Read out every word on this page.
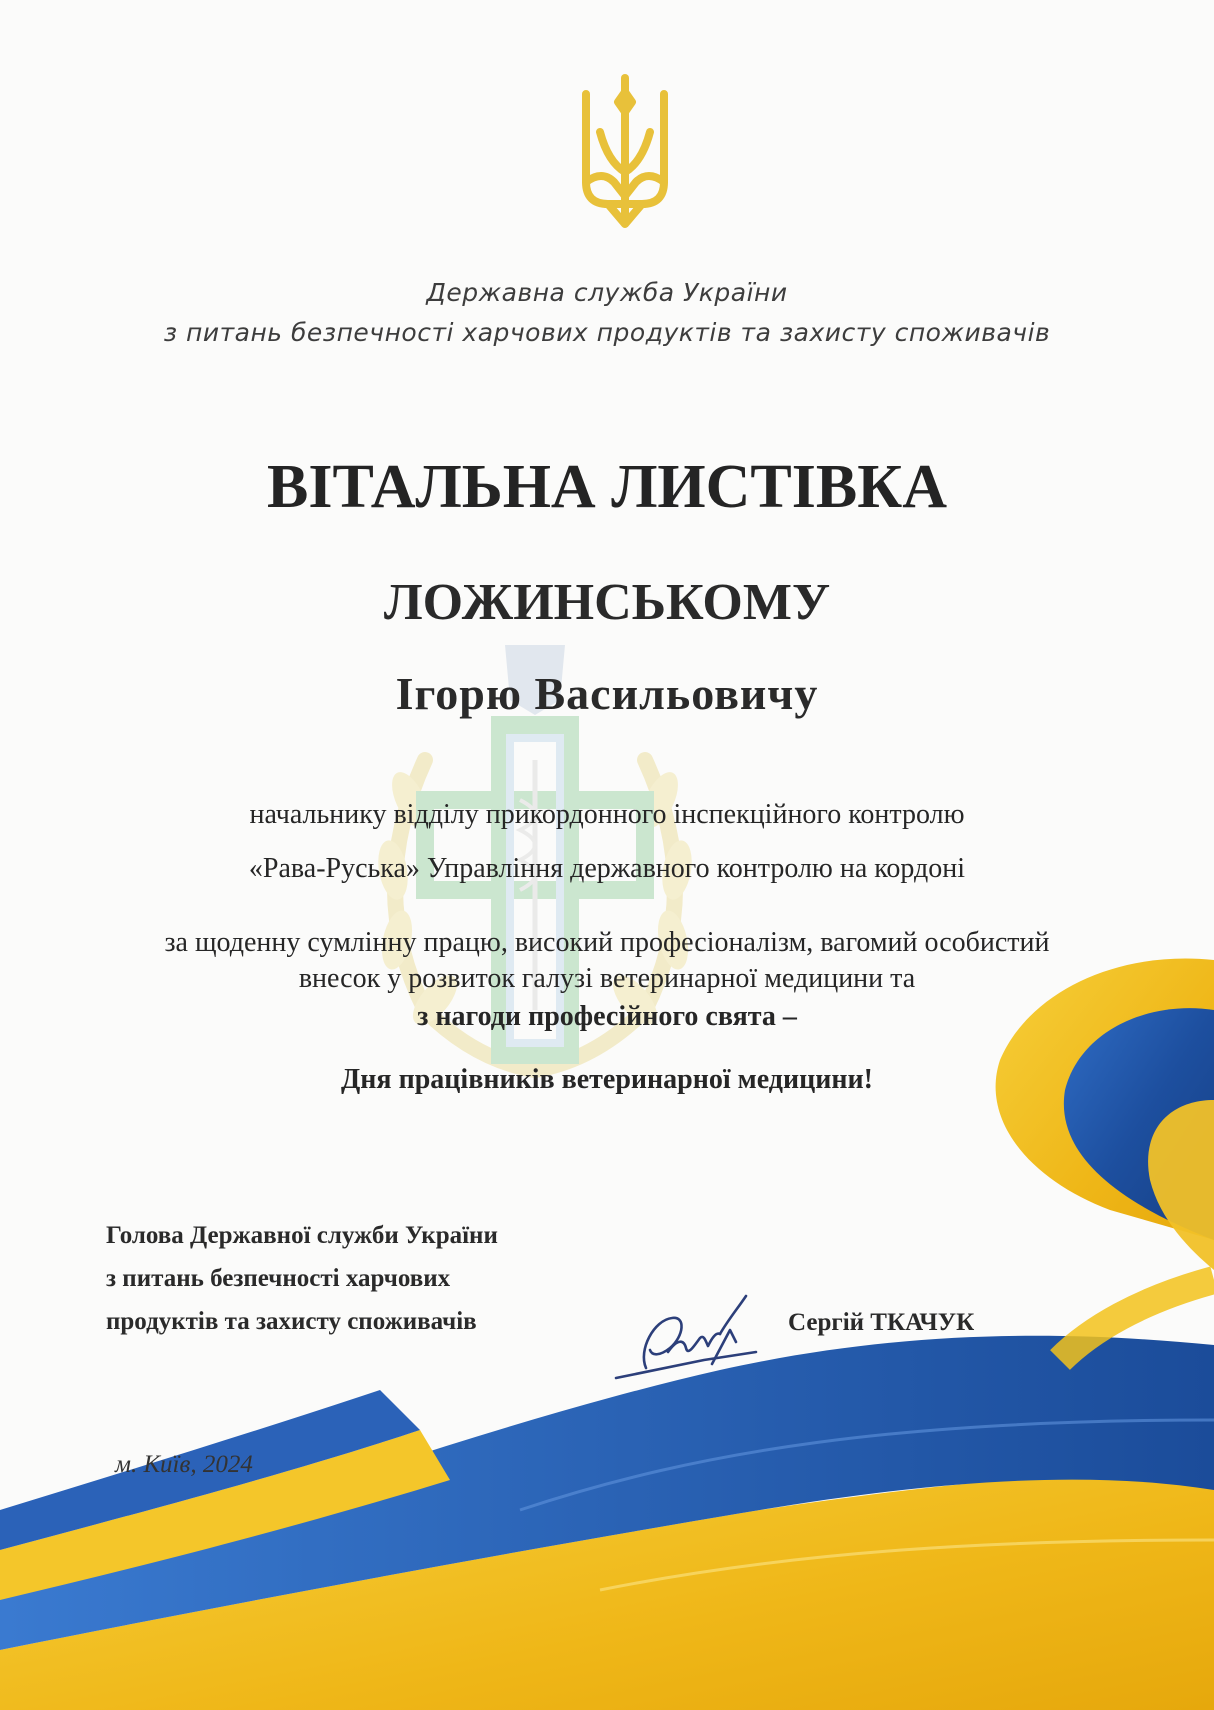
Державна служба України
з питань безпечності харчових продуктів та захисту споживачів
ВІТАЛЬНА ЛИСТІВКА
ЛОЖИНСЬКОМУ
Ігорю Васильовичу
начальнику відділу прикордонного інспекційного контролю
«Рава-Руська» Управління державного контролю на кордоні
за щоденну сумлінну працю, високий професіоналізм, вагомий особистий
внесок у розвиток галузі ветеринарної медицини та
з нагоди професійного свята –
Дня працівників ветеринарної медицини!
Голова Державної служби України
з питань безпечності харчових
продуктів та захисту споживачів	Сергій ТКАЧУК
м. Київ, 2024
